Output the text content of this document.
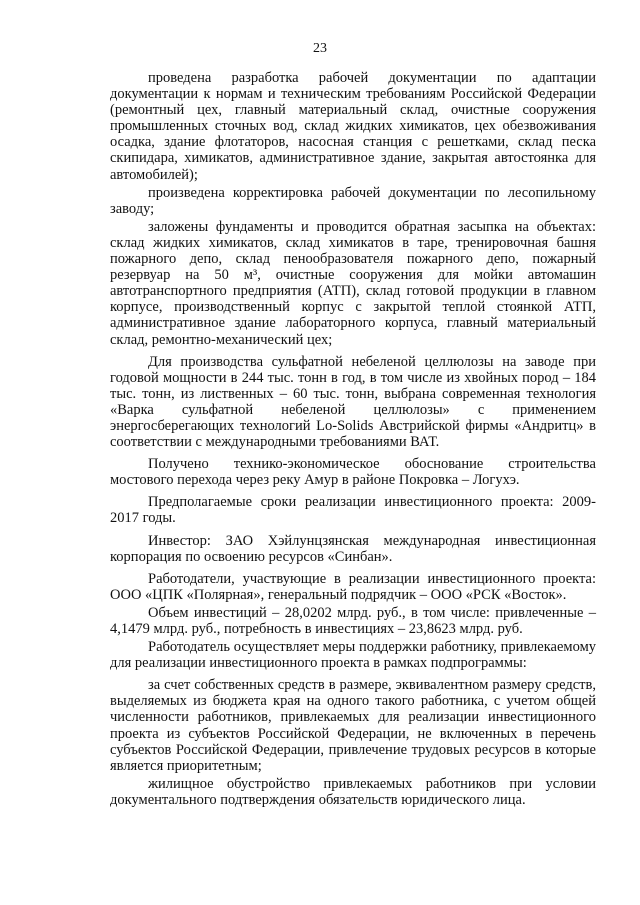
23

проведена разработка рабочей документации по адаптации документации к нормам и техническим требованиям Российской Федерации (ремонтный цех, главный материальный склад, очистные сооружения промышленных сточных вод, склад жидких химикатов, цех обезвоживания осадка, здание флотаторов, насосная станция с решетками, склад песка скипидара, химикатов, административное здание, закрытая автостоянка для автомобилей);

произведена корректировка рабочей документации по лесопильному заводу;

заложены фундаменты и проводится обратная засыпка на объектах: склад жидких химикатов, склад химикатов в таре, тренировочная башня пожарного депо, склад пенообразователя пожарного депо, пожарный резервуар на 50 м³, очистные сооружения для мойки автомашин автотранспортного предприятия (АТП), склад готовой продукции в главном корпусе, производственный корпус с закрытой теплой стоянкой АТП, административное здание лабораторного корпуса, главный материальный склад, ремонтно-механический цех;

Для производства сульфатной небеленой целлюлозы на заводе при годовой мощности в 244 тыс. тонн в год, в том числе из хвойных пород – 184 тыс. тонн, из лиственных – 60 тыс. тонн, выбрана современная технология «Варка сульфатной небеленой целлюлозы» с применением энергосберегающих технологий Lo-Solids Австрийской фирмы «Андритц» в соответствии с международными требованиями ВАТ.

Получено технико-экономическое обоснование строительства мостового перехода через реку Амур в районе Покровка – Логухэ.

Предполагаемые сроки реализации инвестиционного проекта: 2009-2017 годы.

Инвестор: ЗАО Хэйлунцзянская международная инвестиционная корпорация по освоению ресурсов «Синбан».

Работодатели, участвующие в реализации инвестиционного проекта: ООО «ЦПК «Полярная», генеральный подрядчик – ООО «РСК «Восток».

Объем инвестиций – 28,0202 млрд. руб., в том числе: привлеченные – 4,1479 млрд. руб., потребность в инвестициях – 23,8623 млрд. руб.

Работодатель осуществляет меры поддержки работнику, привлекаемому для реализации инвестиционного проекта в рамках подпрограммы:

за счет собственных средств в размере, эквивалентном размеру средств, выделяемых из бюджета края на одного такого работника, с учетом общей численности работников, привлекаемых для реализации инвестиционного проекта из субъектов Российской Федерации, не включенных в перечень субъектов Российской Федерации, привлечение трудовых ресурсов в которые является приоритетным;

жилищное обустройство привлекаемых работников при условии документального подтверждения обязательств юридического лица.
